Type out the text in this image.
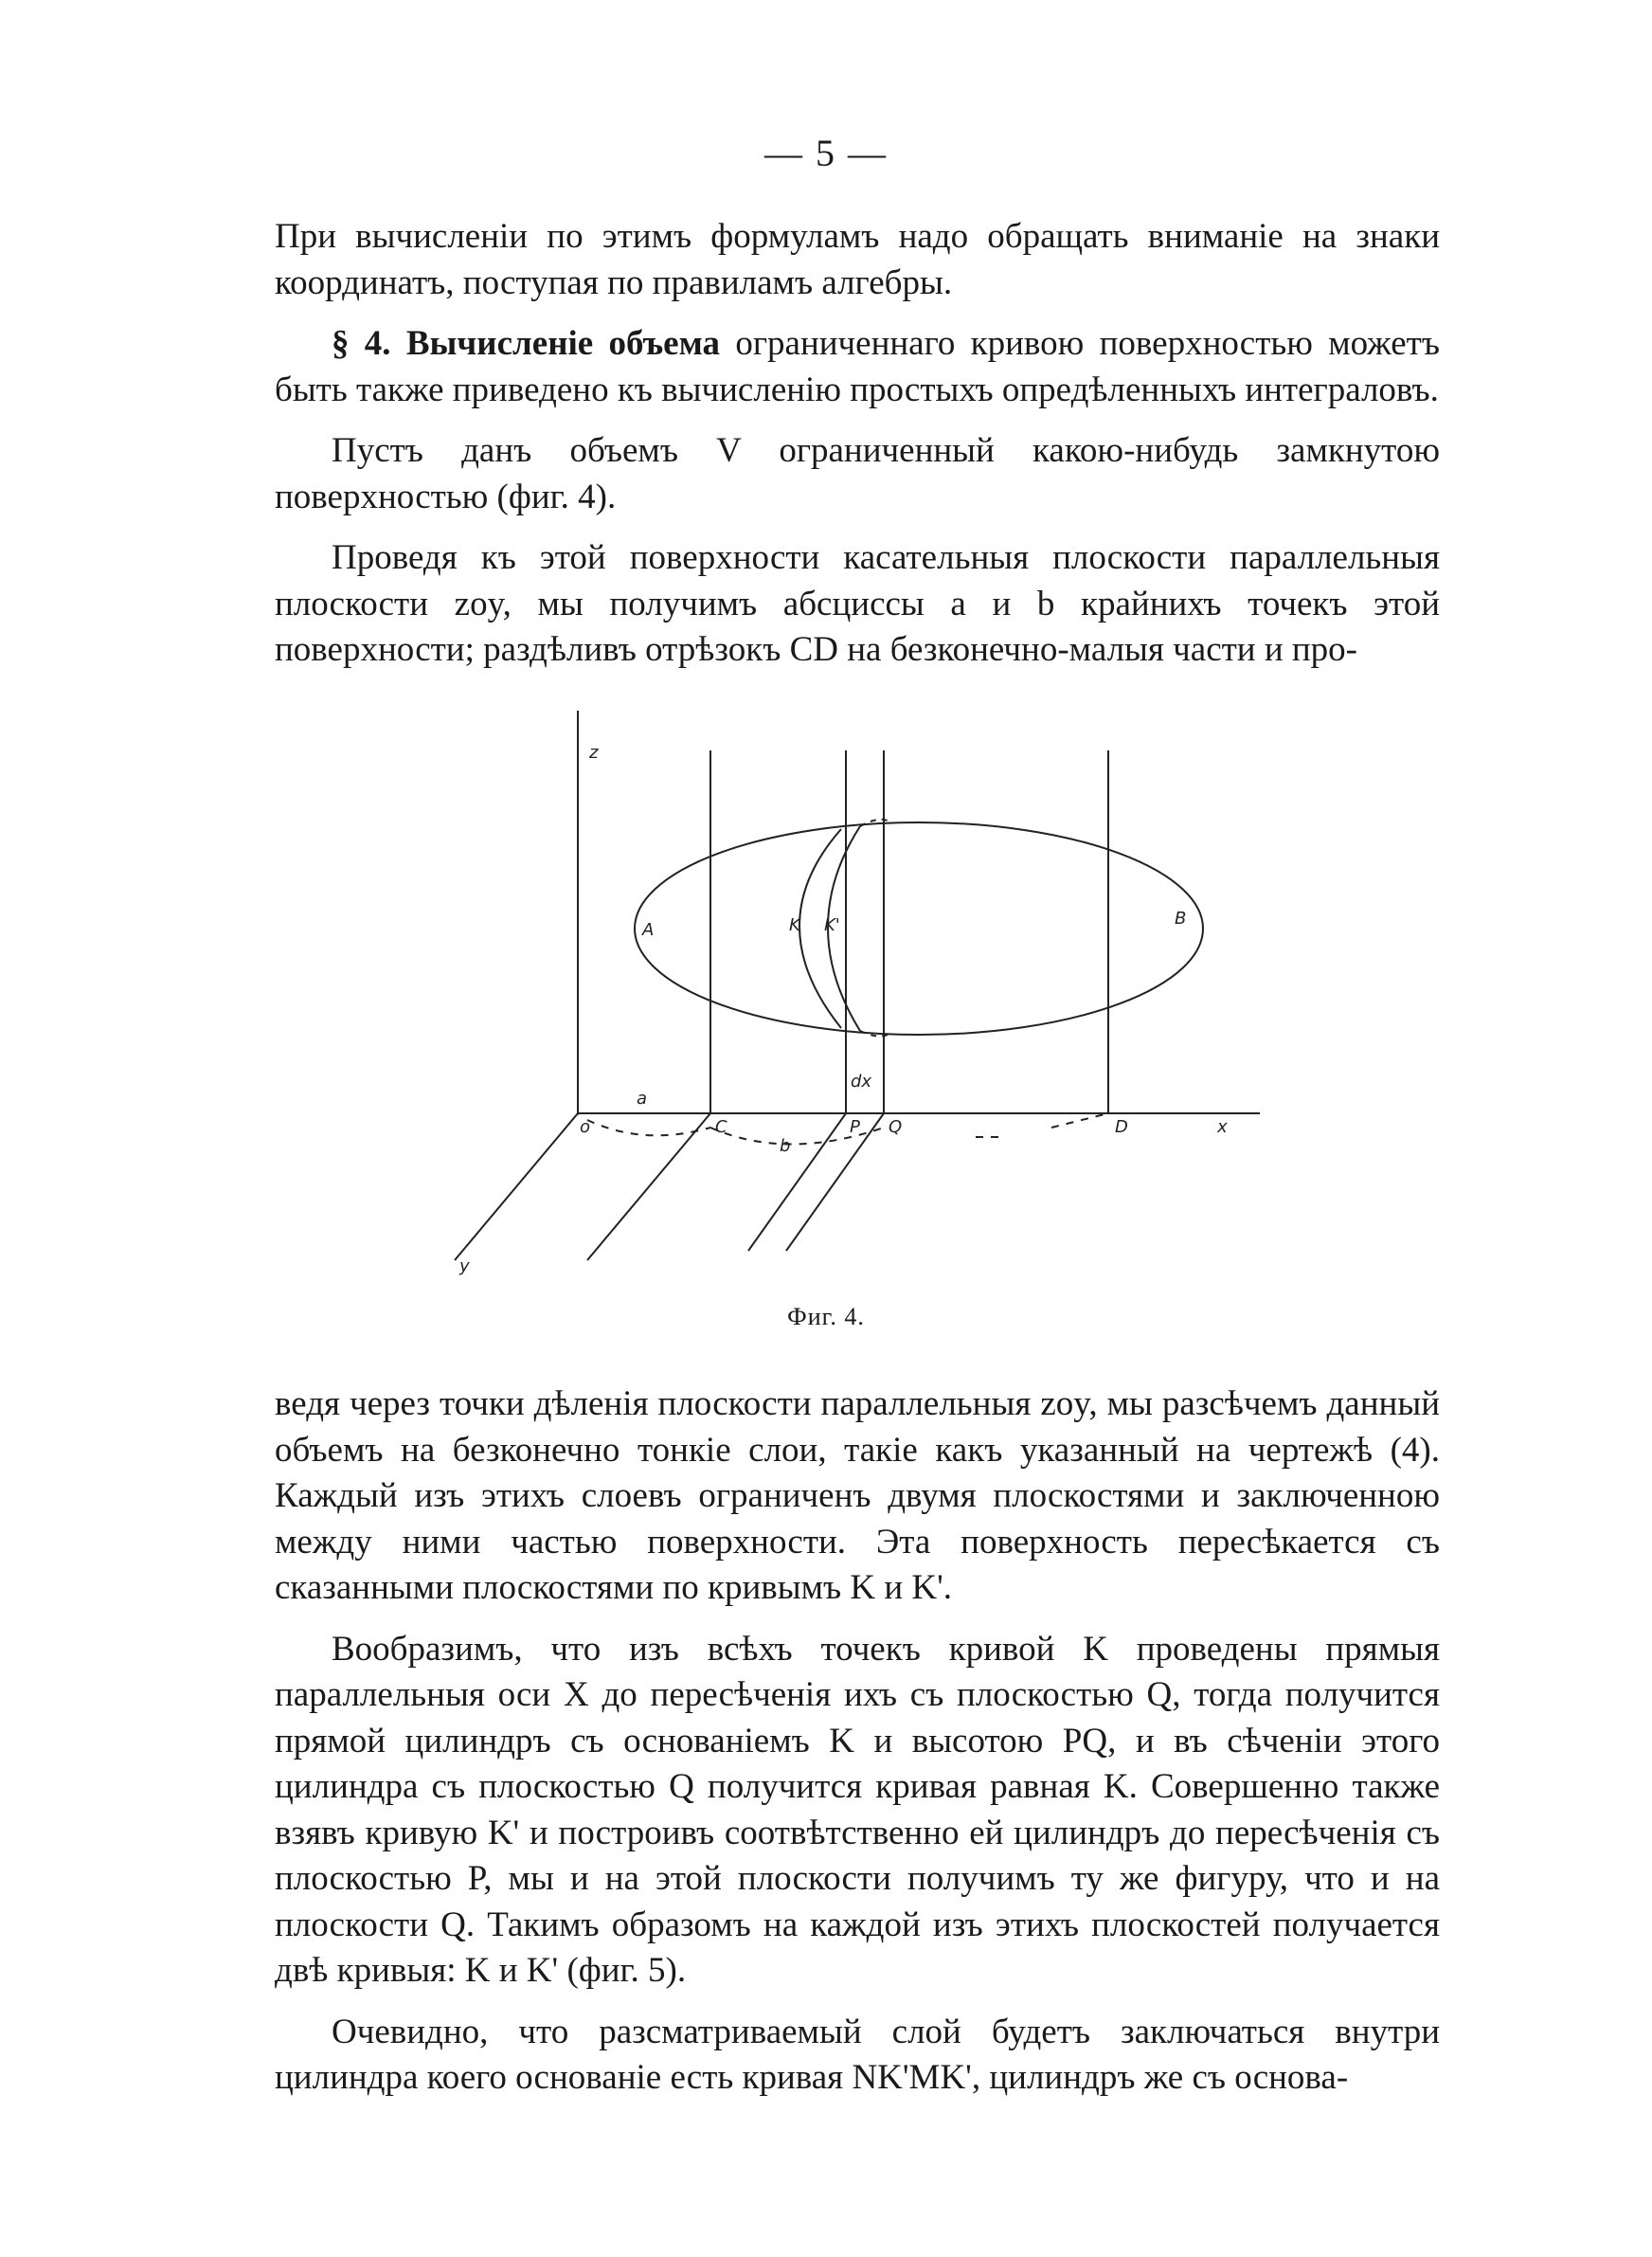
— 5 —

При вычисленіи по этимъ формуламъ надо обращать вниманіе на знаки координатъ, поступая по правиламъ алгебры.

§ 4. Вычисленіе объема ограниченнаго кривою поверхностью можетъ быть также приведено къ вычисленію простыхъ опредѣленныхъ интеграловъ.

Пустъ данъ объемъ V ограниченный какою-нибудь замкнутою поверхностью (фиг. 4).

Проведя къ этой поверхности касательныя плоскости параллельныя плоскости zoy, мы получимъ абсциссы a и b крайнихъ точекъ этой поверхности; раздѣливъ отрѣзокъ CD на безконечно-малыя части и про-

z
x
y
o	C	P Q	D
A
B
K K'
a
b
dx
Фиг. 4.

ведя через точки дѣленія плоскости параллельныя zoy, мы разсѣчемъ данный объемъ на безконечно тонкіе слои, такіе какъ указанный на чертежѣ (4). Каждый изъ этихъ слоевъ ограниченъ двумя плоскостями и заключенною между ними частью поверхности. Эта поверхность пересѣкается съ сказанными плоскостями по кривымъ K и K'.

Вообразимъ, что изъ всѣхъ точекъ кривой K проведены прямыя параллельныя оси X до пересѣченія ихъ съ плоскостью Q, тогда получится прямой цилиндръ съ основаніемъ K и высотою PQ, и въ сѣченіи этого цилиндра съ плоскостью Q получится кривая равная K. Совершенно также взявъ кривую K' и построивъ соотвѣтственно ей цилиндръ до пересѣченія съ плоскостью P, мы и на этой плоскости получимъ ту же фигуру, что и на плоскости Q. Такимъ образомъ на каждой изъ этихъ плоскостей получается двѣ кривыя: K и K' (фиг. 5).

Очевидно, что разсматриваемый слой будетъ заключаться внутри цилиндра коего основаніе есть кривая NK'MK', цилиндръ же съ основа-
